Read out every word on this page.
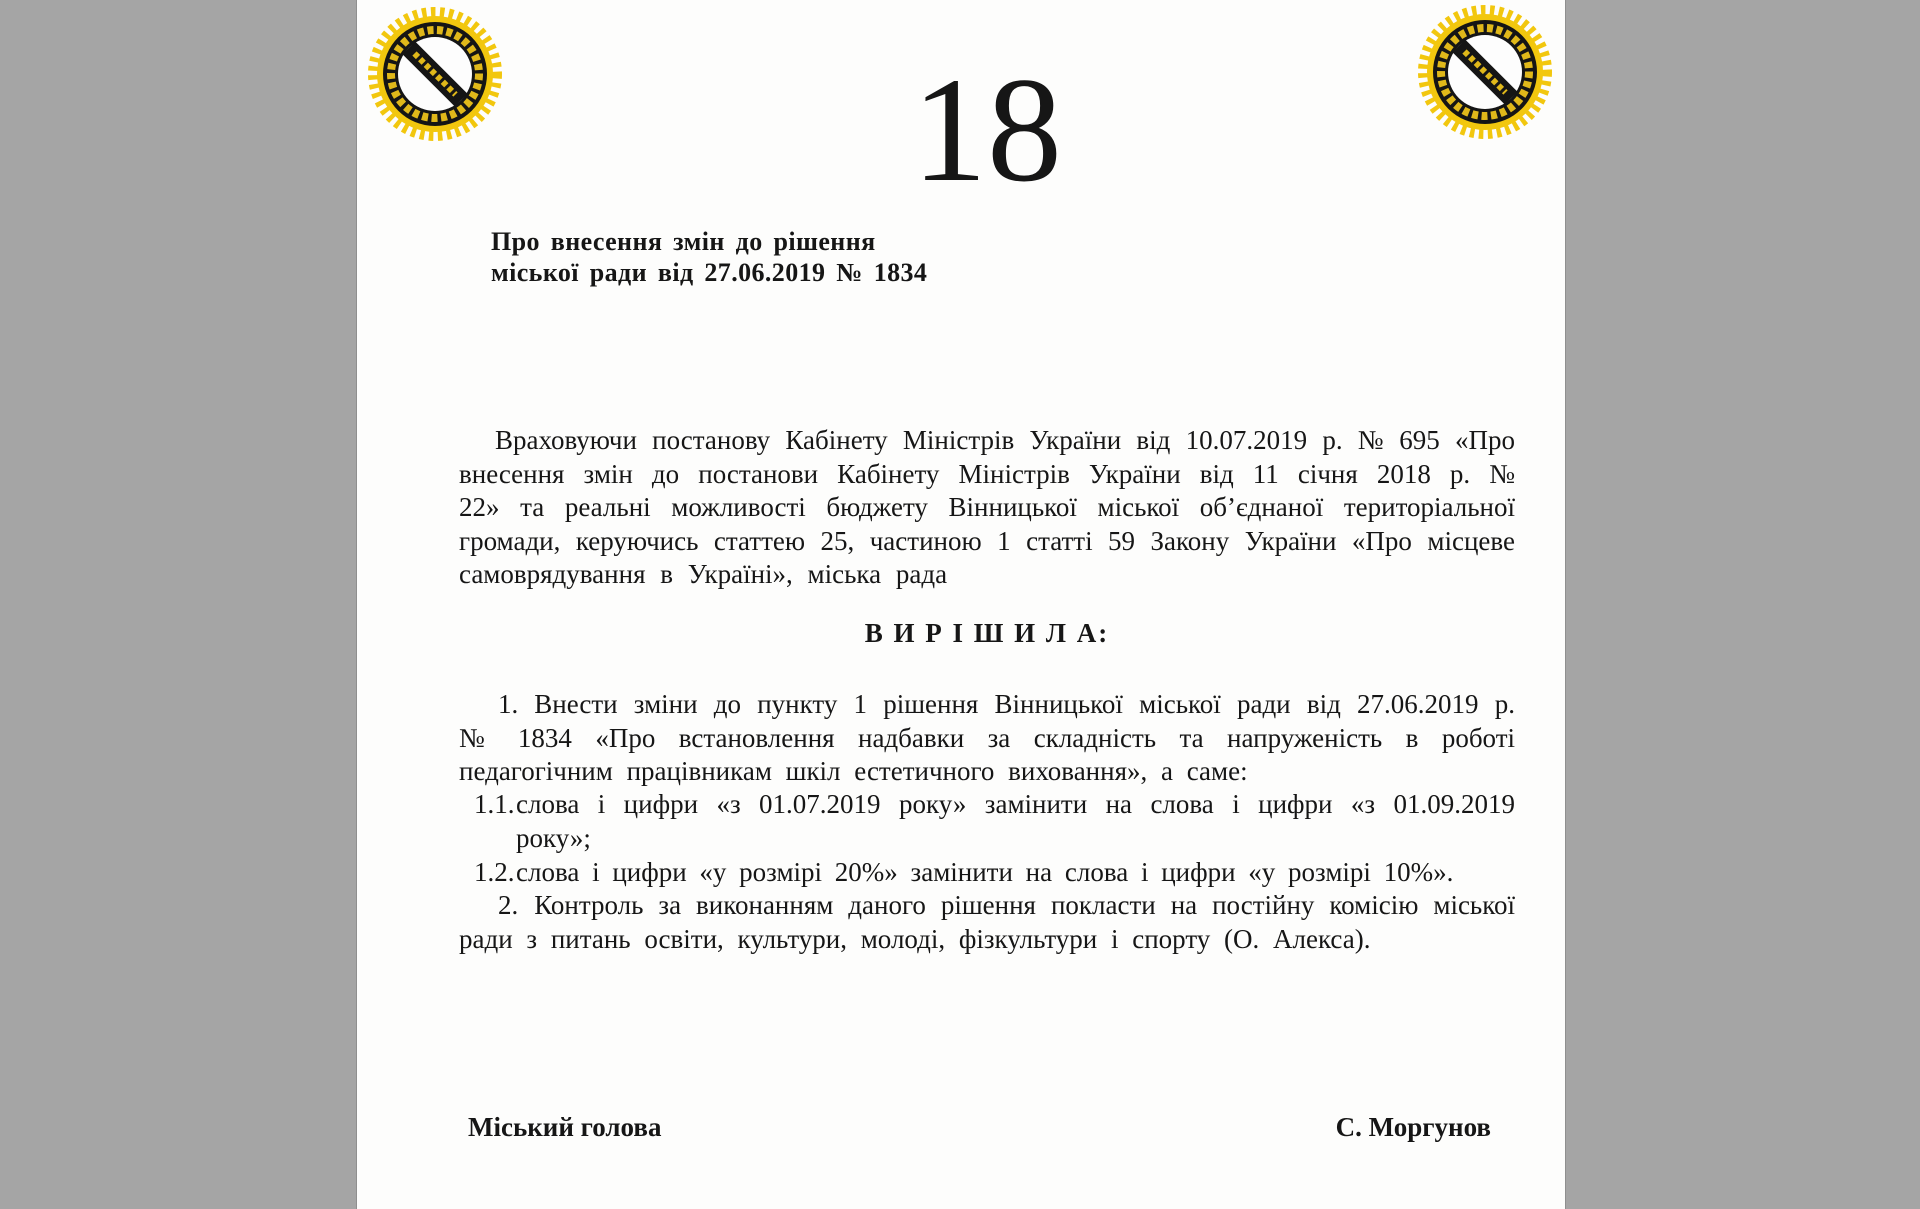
18
Про внесення змін до рішення
міської ради від 27.06.2019 № 1834

Враховуючи постанову Кабінету Міністрів України від 10.07.2019 р. № 695 «Про внесення змін до постанови Кабінету Міністрів України від 11 січня 2018 р. № 22» та реальні можливості бюджету Вінницької міської об’єднаної територіальної громади, керуючись статтею 25, частиною 1 статті 59 Закону України «Про місцеве самоврядування в Україні», міська рада

В И Р І Ш И Л А:

1. Внести зміни до пункту 1 рішення Вінницької міської ради від 27.06.2019 р. № 1834 «Про встановлення надбавки за складність та напруженість в роботі педагогічним працівникам шкіл естетичного виховання», а саме:

1.1. слова і цифри «з 01.07.2019 року» замінити на слова і цифри «з 01.09.2019 року»;

1.2. слова і цифри «у розмірі 20%» замінити на слова і цифри «у розмірі 10%».

2. Контроль за виконанням даного рішення покласти на постійну комісію міської ради з питань освіти, культури, молоді, фізкультури і спорту (О. Алекса).

Міський голова	С. Моргунов
